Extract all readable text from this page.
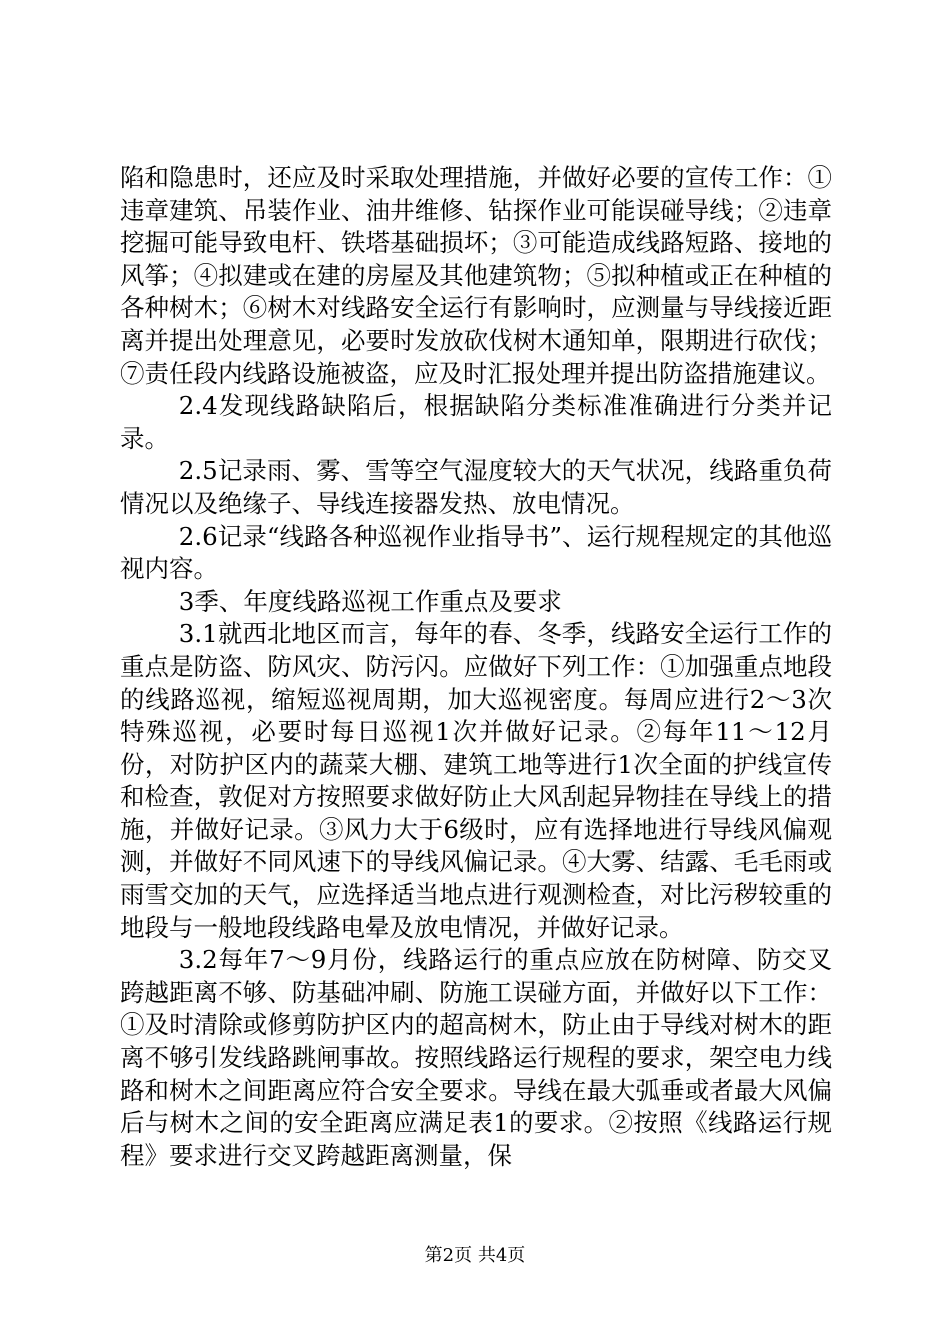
陷和隐患时，还应及时采取处理措施，并做好必要的宣传工作：①违章建筑、吊装作业、油井维修、钻探作业可能误碰导线；②违章挖掘可能导致电杆、铁塔基础损坏；③可能造成线路短路、接地的风筝；④拟建或在建的房屋及其他建筑物；⑤拟种植或正在种植的各种树木；⑥树木对线路安全运行有影响时，应测量与导线接近距离并提出处理意见，必要时发放砍伐树木通知单，限期进行砍伐；⑦责任段内线路设施被盗，应及时汇报处理并提出防盗措施建议。

2.4发现线路缺陷后，根据缺陷分类标准准确进行分类并记录。

2.5记录雨、雾、雪等空气湿度较大的天气状况，线路重负荷情况以及绝缘子、导线连接器发热、放电情况。

2.6记录“线路各种巡视作业指导书”、运行规程规定的其他巡视内容。

3季、年度线路巡视工作重点及要求

3.1就西北地区而言，每年的春、冬季，线路安全运行工作的重点是防盗、防风灾、防污闪。应做好下列工作：①加强重点地段的线路巡视，缩短巡视周期，加大巡视密度。每周应进行2～3次特殊巡视，必要时每日巡视1次并做好记录。②每年11～12月份，对防护区内的蔬菜大棚、建筑工地等进行1次全面的护线宣传和检查，敦促对方按照要求做好防止大风刮起异物挂在导线上的措施，并做好记录。③风力大于6级时，应有选择地进行导线风偏观测，并做好不同风速下的导线风偏记录。④大雾、结露、毛毛雨或雨雪交加的天气，应选择适当地点进行观测检查，对比污秽较重的地段与一般地段线路电晕及放电情况，并做好记录。

3.2每年7～9月份，线路运行的重点应放在防树障、防交叉跨越距离不够、防基础冲刷、防施工误碰方面，并做好以下工作：①及时清除或修剪防护区内的超高树木，防止由于导线对树木的距离不够引发线路跳闸事故。按照线路运行规程的要求，架空电力线路和树木之间距离应符合安全要求。导线在最大弧垂或者最大风偏后与树木之间的安全距离应满足表1的要求。②按照《线路运行规程》要求进行交叉跨越距离测量，保

第2页 共4页
